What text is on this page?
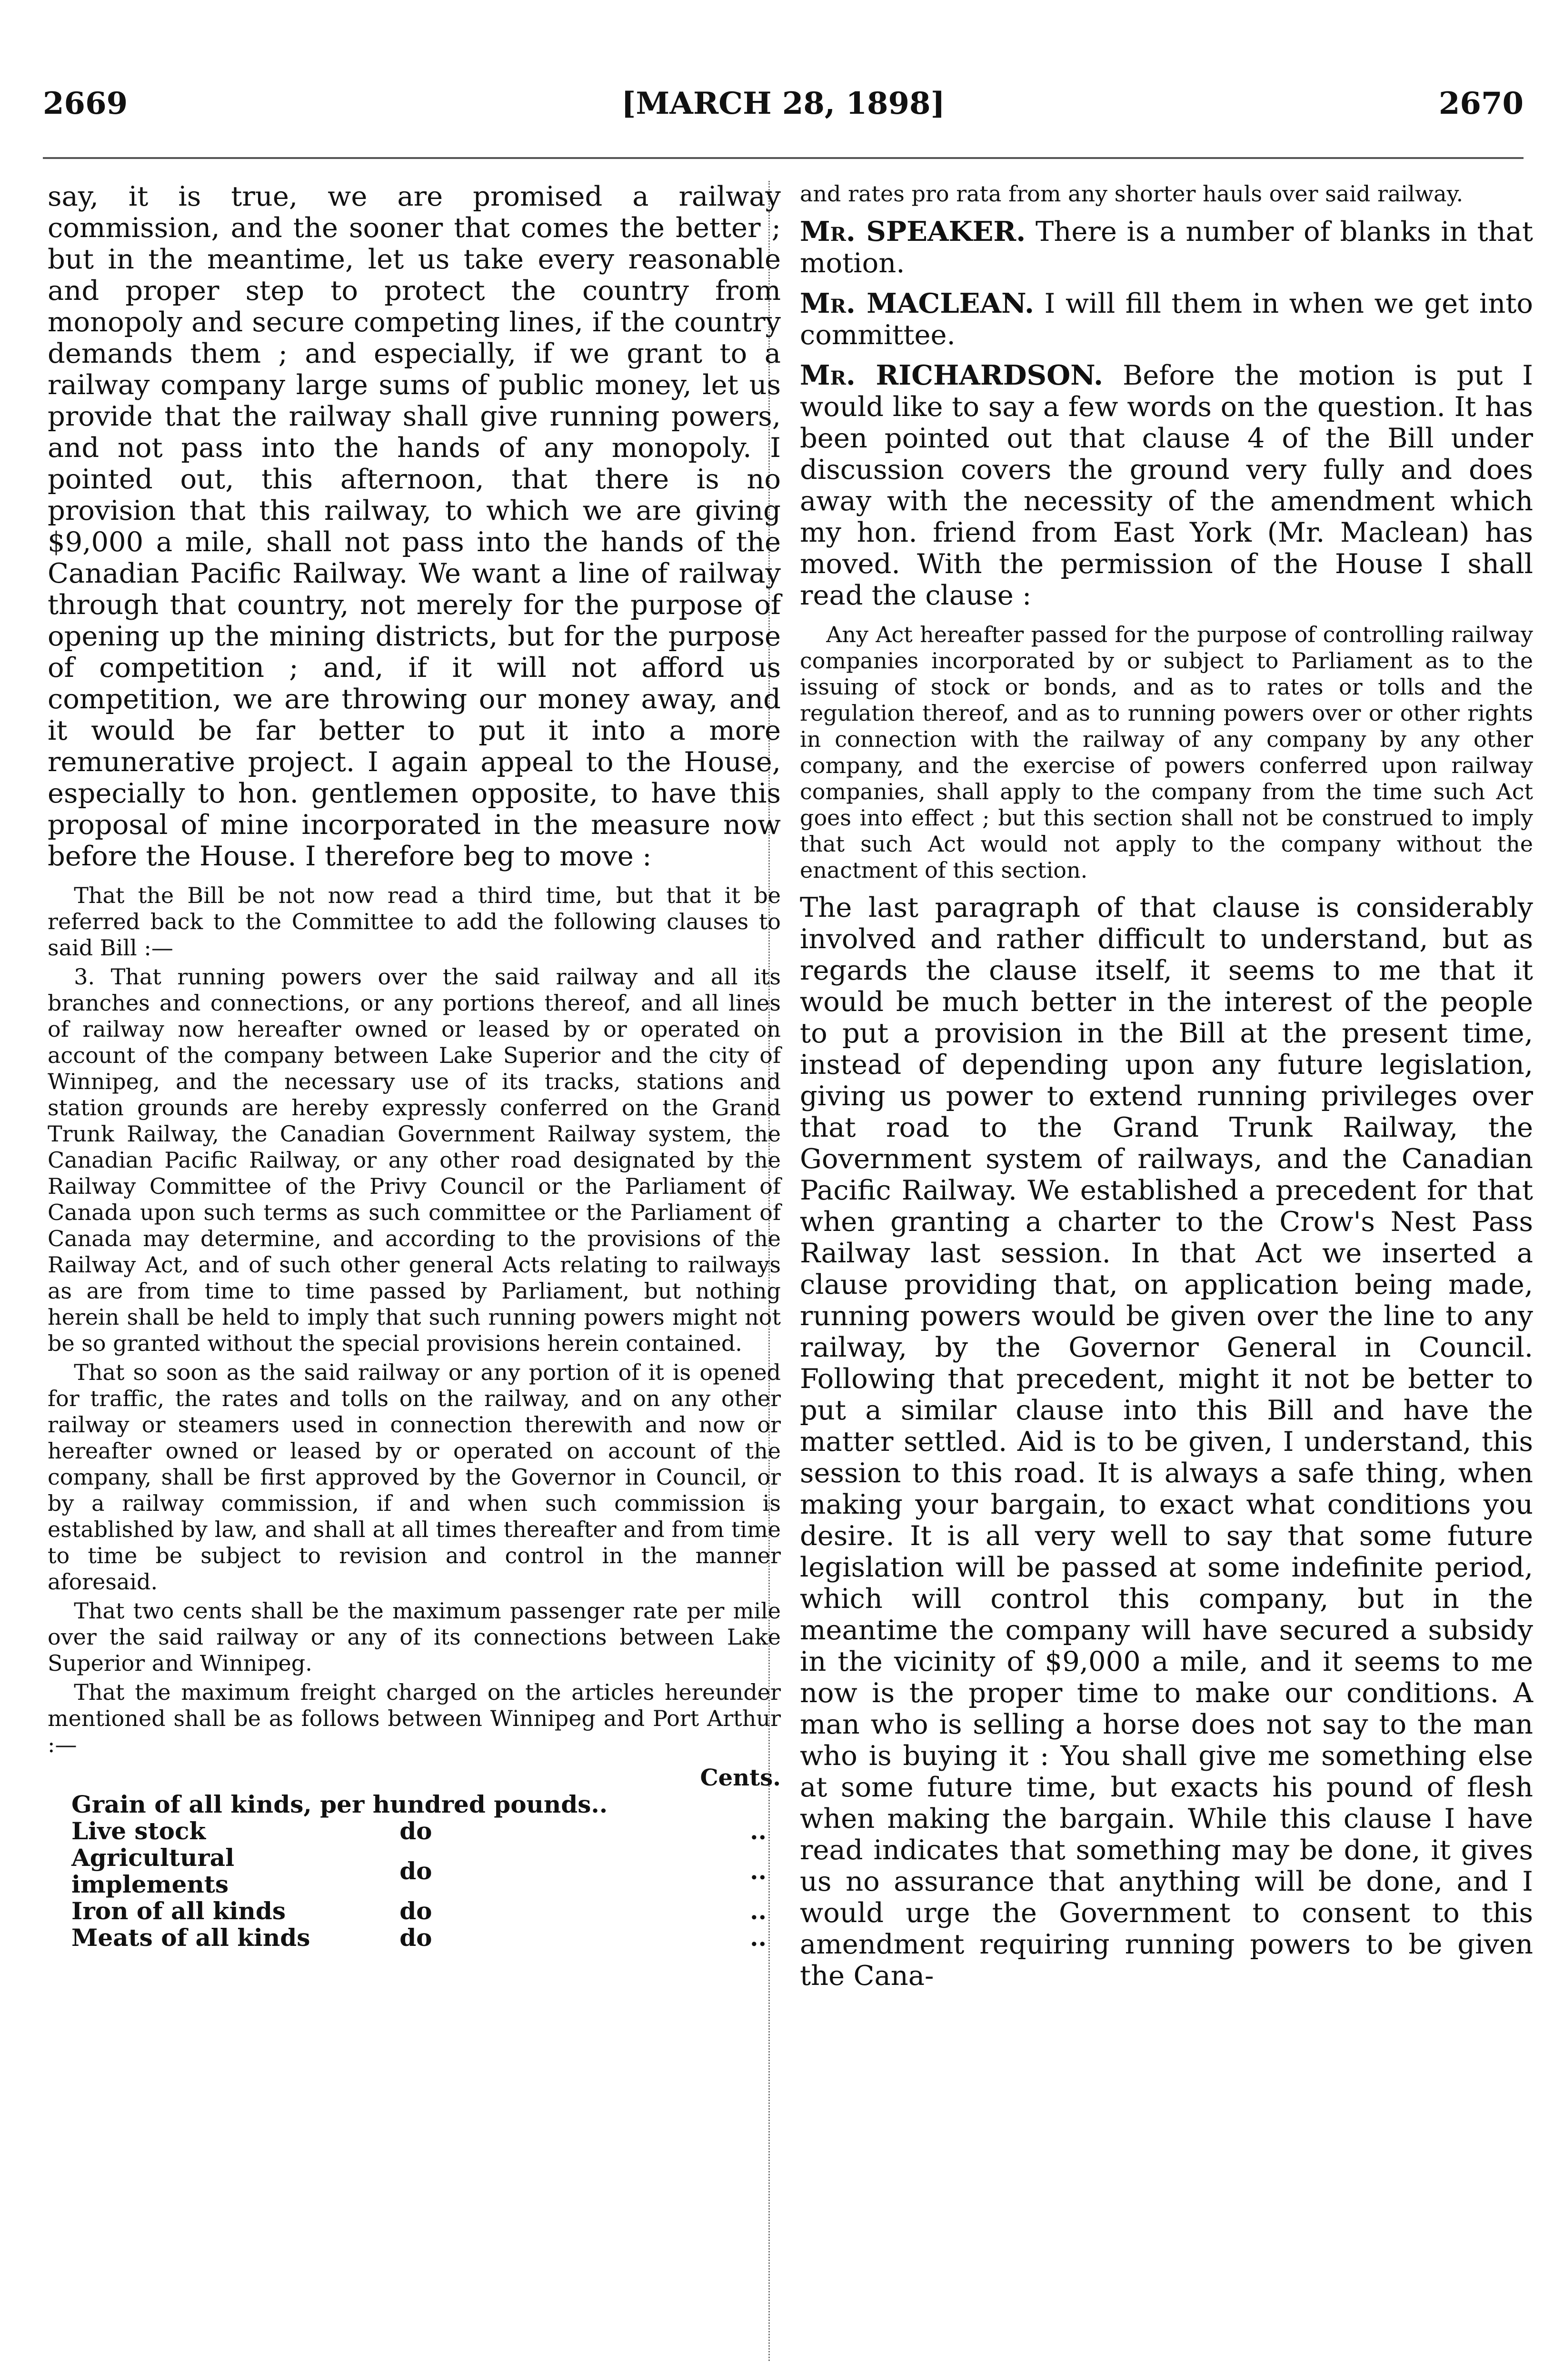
2669	[MARCH 28, 1898]	2670

say, it is true, we are promised a railway commission, and the sooner that comes the better ; but in the meantime, let us take every reasonable and proper step to protect the country from monopoly and secure competing lines, if the country demands them ; and especially, if we grant to a railway company large sums of public money, let us provide that the railway shall give running powers, and not pass into the hands of any monopoly. I pointed out, this afternoon, that there is no provision that this railway, to which we are giving $9,000 a mile, shall not pass into the hands of the Canadian Pacific Railway. We want a line of railway through that country, not merely for the purpose of opening up the mining districts, but for the purpose of competition ; and, if it will not afford us competition, we are throwing our money away, and it would be far better to put it into a more remunerative project. I again appeal to the House, especially to hon. gentlemen opposite, to have this proposal of mine incorporated in the measure now before the House. I therefore beg to move :

That the Bill be not now read a third time, but that it be referred back to the Committee to add the following clauses to said Bill :—

3. That running powers over the said railway and all its branches and connections, or any portions thereof, and all lines of railway now hereafter owned or leased by or operated on account of the company between Lake Superior and the city of Winnipeg, and the necessary use of its tracks, stations and station grounds are hereby expressly conferred on the Grand Trunk Railway, the Canadian Government Railway system, the Canadian Pacific Railway, or any other road designated by the Railway Committee of the Privy Council or the Parliament of Canada upon such terms as such committee or the Parliament of Canada may determine, and according to the provisions of the Railway Act, and of such other general Acts relating to railways as are from time to time passed by Parliament, but nothing herein shall be held to imply that such running powers might not be so granted without the special provisions herein contained.

That so soon as the said railway or any portion of it is opened for traffic, the rates and tolls on the railway, and on any other railway or steamers used in connection therewith and now or hereafter owned or leased by or operated on account of the company, shall be first approved by the Governor in Council, or by a railway commission, if and when such commission is established by law, and shall at all times thereafter and from time to time be subject to revision and control in the manner aforesaid.

That two cents shall be the maximum passenger rate per mile over the said railway or any of its connections between Lake Superior and Winnipeg.

That the maximum freight charged on the articles hereunder mentioned shall be as follows between Winnipeg and Port Arthur :—

Cents.

Grain of all kinds, per hundred pounds..		
Live stock	do	..
Agricultural implements	do	..
Iron of all kinds	do	..
Meats of all kinds	do	..

and rates pro rata from any shorter hauls over said railway.

Mr. SPEAKER. There is a number of blanks in that motion.

Mr. MACLEAN. I will fill them in when we get into committee.

Mr. RICHARDSON. Before the motion is put I would like to say a few words on the question. It has been pointed out that clause 4 of the Bill under discussion covers the ground very fully and does away with the necessity of the amendment which my hon. friend from East York (Mr. Maclean) has moved. With the permission of the House I shall read the clause :

Any Act hereafter passed for the purpose of controlling railway companies incorporated by or subject to Parliament as to the issuing of stock or bonds, and as to rates or tolls and the regulation thereof, and as to running powers over or other rights in connection with the railway of any company by any other company, and the exercise of powers conferred upon railway companies, shall apply to the company from the time such Act goes into effect ; but this section shall not be construed to imply that such Act would not apply to the company without the enactment of this section.

The last paragraph of that clause is considerably involved and rather difficult to understand, but as regards the clause itself, it seems to me that it would be much better in the interest of the people to put a provision in the Bill at the present time, instead of depending upon any future legislation, giving us power to extend running privileges over that road to the Grand Trunk Railway, the Government system of railways, and the Canadian Pacific Railway. We established a precedent for that when granting a charter to the Crow's Nest Pass Railway last session. In that Act we inserted a clause providing that, on application being made, running powers would be given over the line to any railway, by the Governor General in Council. Following that precedent, might it not be better to put a similar clause into this Bill and have the matter settled. Aid is to be given, I understand, this session to this road. It is always a safe thing, when making your bargain, to exact what conditions you desire. It is all very well to say that some future legislation will be passed at some indefinite period, which will control this company, but in the meantime the company will have secured a subsidy in the vicinity of $9,000 a mile, and it seems to me now is the proper time to make our conditions. A man who is selling a horse does not say to the man who is buying it : You shall give me something else at some future time, but exacts his pound of flesh when making the bargain. While this clause I have read indicates that something may be done, it gives us no assurance that anything will be done, and I would urge the Government to consent to this amendment requiring running powers to be given the Cana-
